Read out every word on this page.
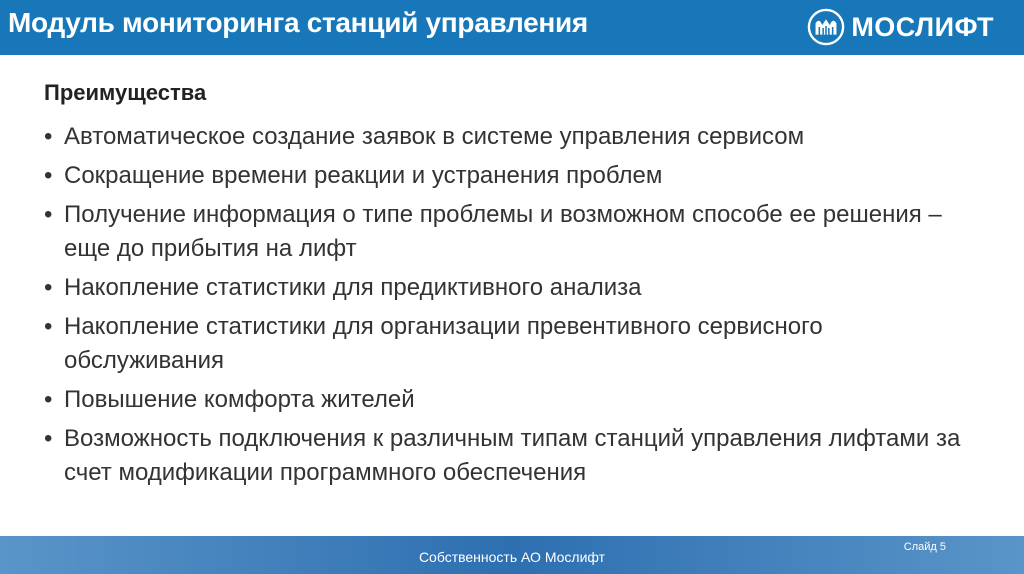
Модуль мониторинга станций управления	МОСЛИФТ
Преимущества
• Автоматическое создание заявок в системе управления сервисом
• Сокращение времени реакции и устранения проблем
• Получение информация о типе проблемы и возможном способе ее решения – еще до прибытия на лифт
• Накопление статистики для предиктивного анализа
• Накопление статистики для организации превентивного сервисного обслуживания
• Повышение комфорта жителей
• Возможность подключения к различным типам станций управления лифтами за счет модификации программного обеспечения
Слайд 5
Собственность АО Мослифт
